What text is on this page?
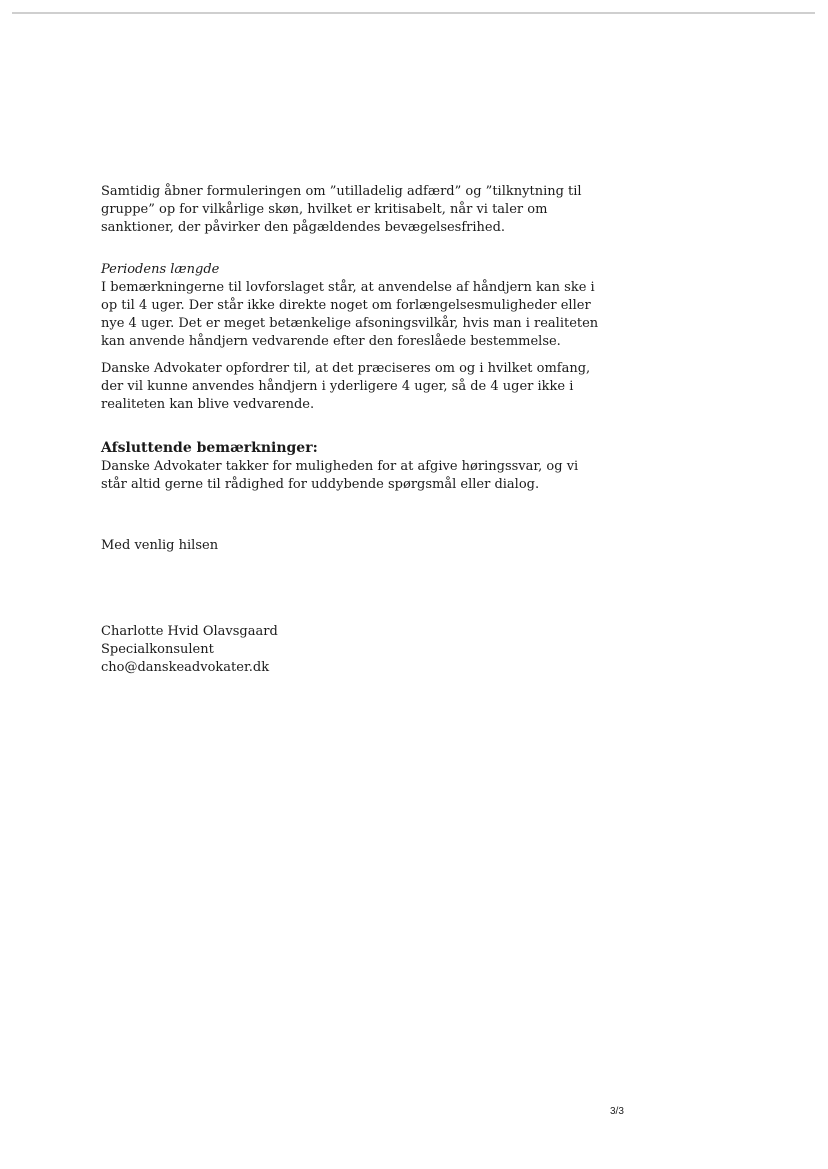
Samtidig åbner formuleringen om ”utilladelig adfærd” og ”tilknytning til gruppe” op for vilkårlige skøn, hvilket er kritisabelt, når vi taler om sanktioner, der påvirker den pågældendes bevægelsesfrihed.

Periodens længde

I bemærkningerne til lovforslaget står, at anvendelse af håndjern kan ske i op til 4 uger. Der står ikke direkte noget om forlængelsesmuligheder eller nye 4 uger. Det er meget betænkelige afsoningsvilkår, hvis man i realiteten kan anvende håndjern vedvarende efter den foreslåede bestemmelse.

Danske Advokater opfordrer til, at det præciseres om og i hvilket omfang, der vil kunne anvendes håndjern i yderligere 4 uger, så de 4 uger ikke i realiteten kan blive vedvarende.

Afsluttende bemærkninger:

Danske Advokater takker for muligheden for at afgive høringssvar, og vi står altid gerne til rådighed for uddybende spørgsmål eller dialog.

Med venlig hilsen
Charlotte Hvid Olavsgaard
Specialkonsulent
cho@danskeadvokater.dk
3/3
